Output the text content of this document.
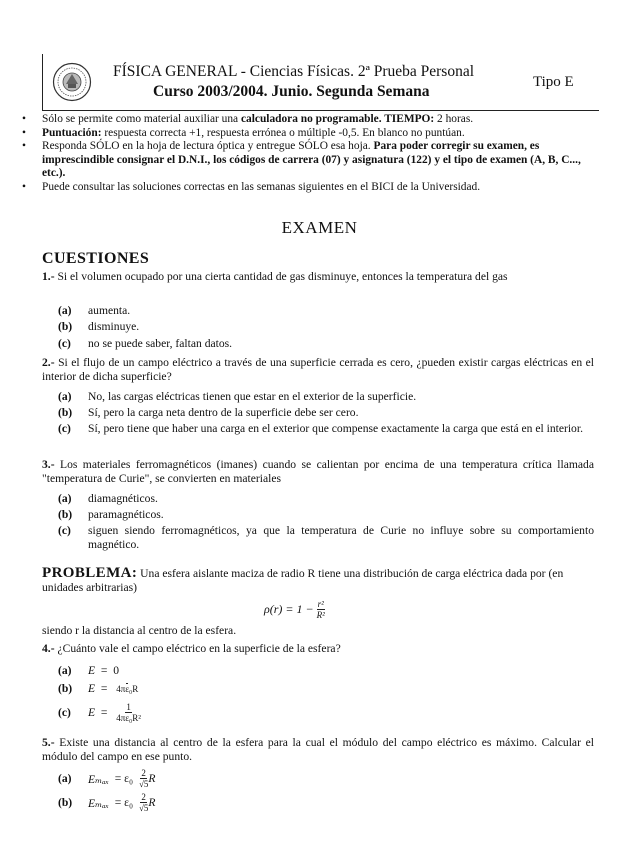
FÍSICA GENERAL - Ciencias Físicas. 2ª Prueba Personal
Curso 2003/2004. Junio. Segunda Semana
Tipo E
•	Sólo se permite como material auxiliar una calculadora no programable. TIEMPO: 2 horas.
•	Puntuación: respuesta correcta +1, respuesta errónea o múltiple -0,5. En blanco no puntúan.
•	Responda SÓLO en la hoja de lectura óptica y entregue SÓLO esa hoja. Para poder corregir su examen, es imprescindible consignar el D.N.I., los códigos de carrera (07) y asignatura (122) y el tipo de examen (A, B, C..., etc.).
•	Puede consultar las soluciones correctas en las semanas siguientes en el BICI de la Universidad.
EXAMEN
CUESTIONES
1.- Si el volumen ocupado por una cierta cantidad de gas disminuye, entonces la temperatura del gas
(a)	aumenta.
(b)	disminuye.
(c)	no se puede saber, faltan datos.
2.- Si el flujo de un campo eléctrico a través de una superficie cerrada es cero, ¿pueden existir cargas eléctricas en el interior de dicha superficie?
(a)	No, las cargas eléctricas tienen que estar en el exterior de la superficie.
(b)	Sí, pero la carga neta dentro de la superficie debe ser cero.
(c)	Sí, pero tiene que haber una carga en el exterior que compense exactamente la carga que está en el interior.
3.- Los materiales ferromagnéticos (imanes) cuando se calientan por encima de una temperatura crítica llamada "temperatura de Curie", se convierten en materiales
(a)	diamagnéticos.
(b)	paramagnéticos.
(c)	siguen siendo ferromagnéticos, ya que la temperatura de Curie no influye sobre su comportamiento magnético.
PROBLEMA: Una esfera aislante maciza de radio R tiene una distribución de carga eléctrica dada por (en unidades arbitrarias)
$\rho(r) = 1 - \frac{\text{r²}}{\text{R²}}$
siendo r la distancia al centro de la esfera.
4.- ¿Cuánto vale el campo eléctrico en la superficie de la esfera?
(a)	E
=
0
(b)	E
=
4πε₀R
(c)	E
=
$\frac{1}{\text{4πε₀R²}}$
5.- Existe una distancia al centro de la esfera para la cual el módulo del campo eléctrico es máximo. Calcular el módulo del campo en ese punto.
(a)	Eₘₐₓ
= ε₀
$\frac{2}{√5}$ R
(b)	Eₘₐₓ
= ε₀
$\frac{2}{√5}$ R
